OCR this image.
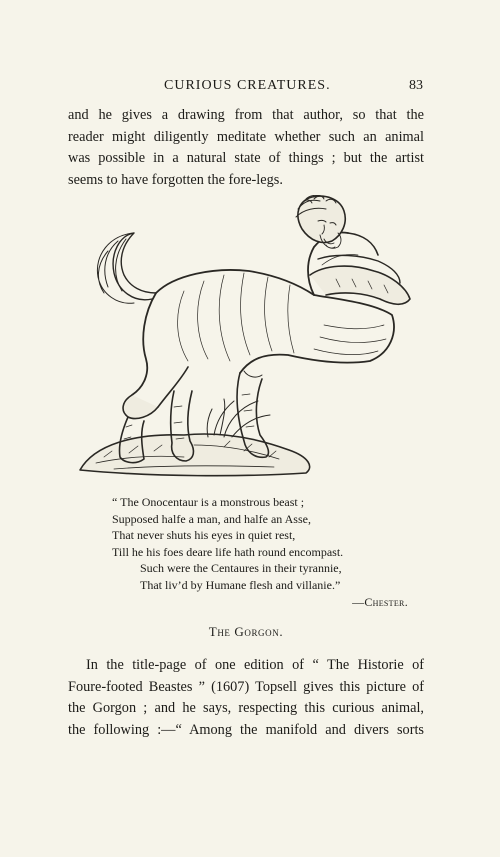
CURIOUS CREATURES.	83
and he gives a drawing from that author, so that the
reader might diligently meditate whether such an animal
was possible in a natural state of things ; but the artist
seems to have forgotten the fore-legs.
“ The Onocentaur is a monstrous beast ;
Supposed halfe a man, and halfe an Asse,
That never shuts his eyes in quiet rest,
Till he his foes deare life hath round encompast.
Such were the Centaures in their tyrannie,
That liv’d by Humane flesh and villanie.”
—Chester.
The Gorgon.
In the title-page of one edition of “ The Historie of
Foure-footed Beastes ” (1607) Topsell gives this picture of
the Gorgon ; and he says, respecting this curious animal,
the following :—“ Among the manifold and divers sorts
